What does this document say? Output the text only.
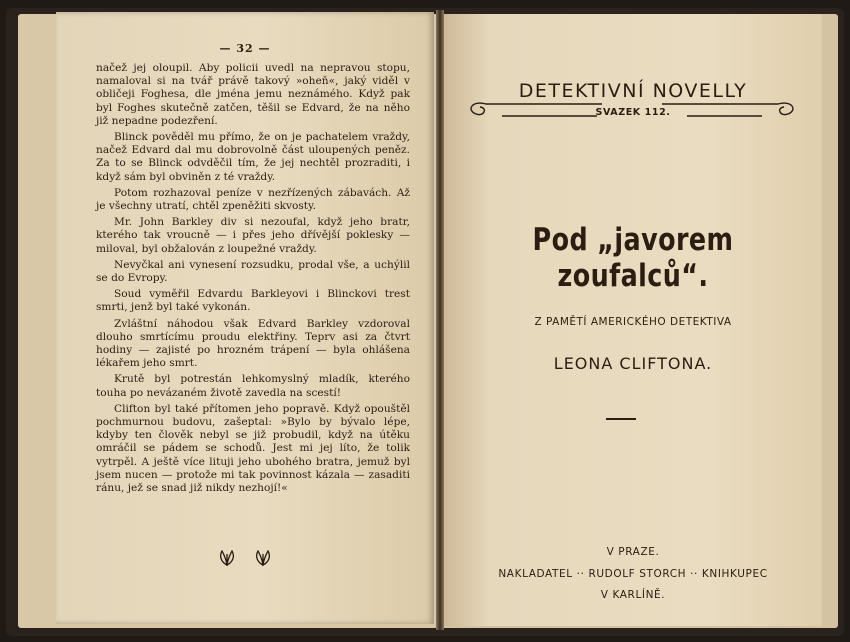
— 32 —

načež jej oloupil. Aby policii uvedl na nepravou stopu, namaloval si na tvář právě takový »oheň«, jaký viděl v obličeji Foghesa, dle jména jemu neznámého. Když pak byl Foghes skutečně zatčen, těšil se Edvard, že na něho již nepadne podezření.

Blinck pověděl mu přímo, že on je pachatelem vraždy, načež Edvard dal mu dobrovolně část uloupených peněz. Za to se Blinck odvděčil tím, že jej nechtěl prozraditi, i když sám byl obviněn z té vraždy.

Potom rozhazoval peníze v nezřízených zábavách. Až je všechny utratí, chtěl zpeněžiti skvosty.

Mr. John Barkley div si nezoufal, když jeho bratr, kterého tak vroucně — i přes jeho dřívější poklesky — miloval, byl obžalován z loupežné vraždy.

Nevyčkal ani vynesení rozsudku, prodal vše, a uchýlil se do Evropy.

Soud vyměřil Edvardu Barkleyovi i Blinckovi trest smrti, jenž byl také vykonán.

Zvláštní náhodou však Edvard Barkley vzdoroval dlouho smrtícímu proudu elektřiny. Teprv asi za čtvrt hodiny — zajisté po hrozném trápení — byla ohlášena lékařem jeho smrt.

Krutě byl potrestán lehkomyslný mladík, kterého touha po nevázaném životě zavedla na scestí!

Clifton byl také přítomen jeho popravě. Když opouštěl pochmurnou budovu, zašeptal: »Bylo by bývalo lépe, kdyby ten člověk nebyl se již probudil, když na útěku omráčil se pádem se schodů. Jest mi jej líto, že tolik vytrpěl. A ještě více lituji jeho ubohého bratra, jemuž byl jsem nucen — protože mi tak povinnost kázala — zasaditi ránu, jež se snad již nikdy nezhojí!«

DETEKTIVNÍ NOVELLY
SVAZEK 112.
Pod „javorem zoufalců“.
Z PAMĚTÍ AMERICKÉHO DETEKTIVA
LEONA CLIFTONA.
V PRAZE.
NAKLADATEL ·· RUDOLF STORCH ·· KNIHKUPEC
V KARLÍNĚ.
